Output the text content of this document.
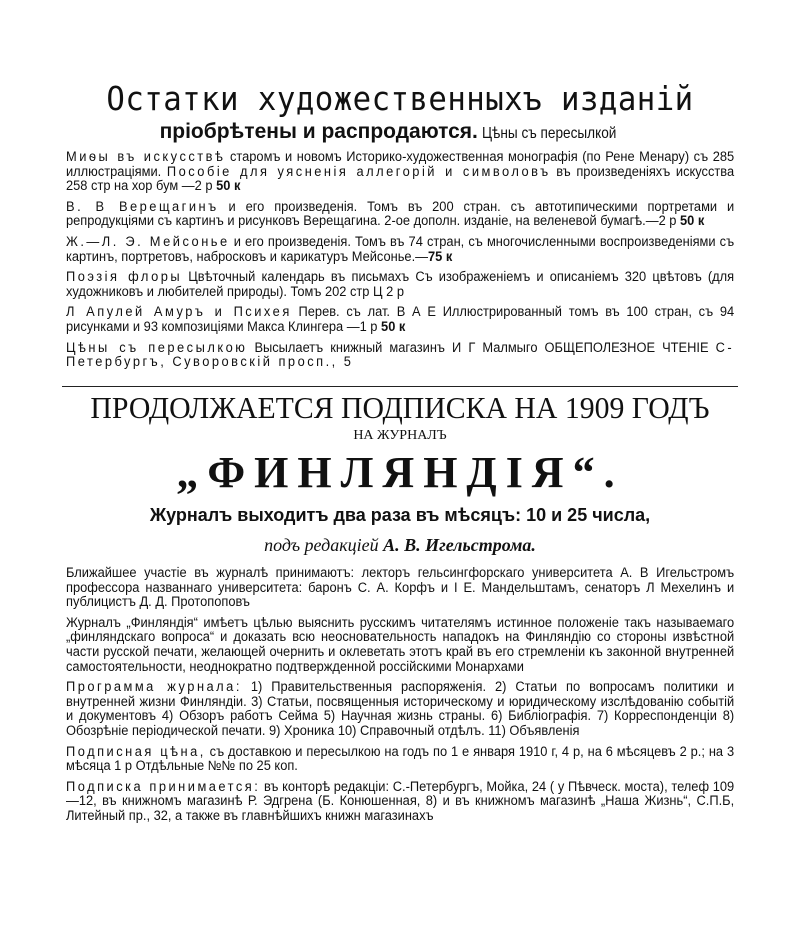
Остатки художественныхъ изданій
пріобрѣтены и распродаются. Цѣны съ пересылкой

Миѳы въ искусствѣ старомъ и новомъ Историко-художественная монографія (по Рене Менару) съ 285 иллюстраціями. Пособіе для уясненія аллегорій и символовъ въ произведеніяхъ искусства 258 стр на хор бум —2 р 50 к

В. В Верещагинъ и его произведенія. Томъ въ 200 стран. съ автотипическими портретами и репродукціями съ картинъ и рисунковъ Верещагина. 2-ое дополн. изданіе, на веленевой бумагѣ.—2 р 50 к

Ж.—Л. Э. Мейсонье и его произведенія. Томъ въ 74 стран, съ многочисленными воспроизведеніями съ картинъ, портретовъ, набросковъ и карикатуръ Мейсонье.—75 к

Поэзія флоры Цвѣточный календарь въ письмахъ Съ изображеніемъ и описаніемъ 320 цвѣтовъ (для художниковъ и любителей природы). Томъ 202 стр Ц 2 р

Л Апулей Амуръ и Психея Перев. съ лат. В А Е Иллюстрированный томъ въ 100 стран, съ 94 рисунками и 93 композиціями Макса Клингера —1 р 50 к

Цѣны съ пересылкою Высылаетъ книжный магазинъ И Г Малмыго ОБЩЕПОЛЕЗНОЕ ЧТЕНІЕ С-Петербургъ, Суворовскій просп., 5

ПРОДОЛЖАЕТСЯ ПОДПИСКА НА 1909 ГОДЪ
НА ЖУРНАЛЪ
„ФИНЛЯНДІЯ“.
Журналъ выходитъ два раза въ мѣсяцъ: 10 и 25 числа,
подъ редакціей А. В. Игельстрома.

Ближайшее участіе въ журналѣ принимаютъ: лекторъ гельсингфорскаго университета А. В Игельстромъ профессора названнаго университета: баронъ С. А. Корфъ и І Е. Мандельштамъ, сенаторъ Л Мехелинъ и публицистъ Д. Д. Протопоповъ

Журналъ „Финляндія“ имѣетъ цѣлью выяснить русскимъ читателямъ истинное положеніе такъ называемаго „финляндскаго вопроса“ и доказать всю неосновательность нападокъ на Финляндію со стороны извѣстной части русской печати, желающей очернить и оклеветать этотъ край въ его стремленіи къ законной внутренней самостоятельности, неоднократно подтвержденной россійскими Монархами

Программа журнала: 1) Правительственныя распоряженія. 2) Статьи по вопросамъ политики и внутренней жизни Финляндіи. 3) Статьи, посвященныя историческому и юридическому изслѣдованію событій и документовъ 4) Обзоръ работъ Сейма 5) Научная жизнь страны. 6) Библіографія. 7) Корреспонденціи 8) Обозрѣніе періодической печати. 9) Хроника 10) Справочный отдѣлъ. 11) Объявленія

Подписная цѣна, съ доставкою и пересылкою на годъ по 1 е января 1910 г, 4 р, на 6 мѣсяцевъ 2 р.; на 3 мѣсяца 1 р Отдѣльные №№ по 25 коп.

Подписка принимается: въ конторѣ редакціи: С.-Петербургъ, Мойка, 24 ( у Пѣвческ. моста), телеф 109—12, въ книжномъ магазинѣ Р. Эдгрена (Б. Конюшенная, 8) и въ книжномъ магазинѣ „Наша Жизнь“, С.П.Б, Литейный пр., 32, а также въ главнѣйшихъ книжн магазинахъ
